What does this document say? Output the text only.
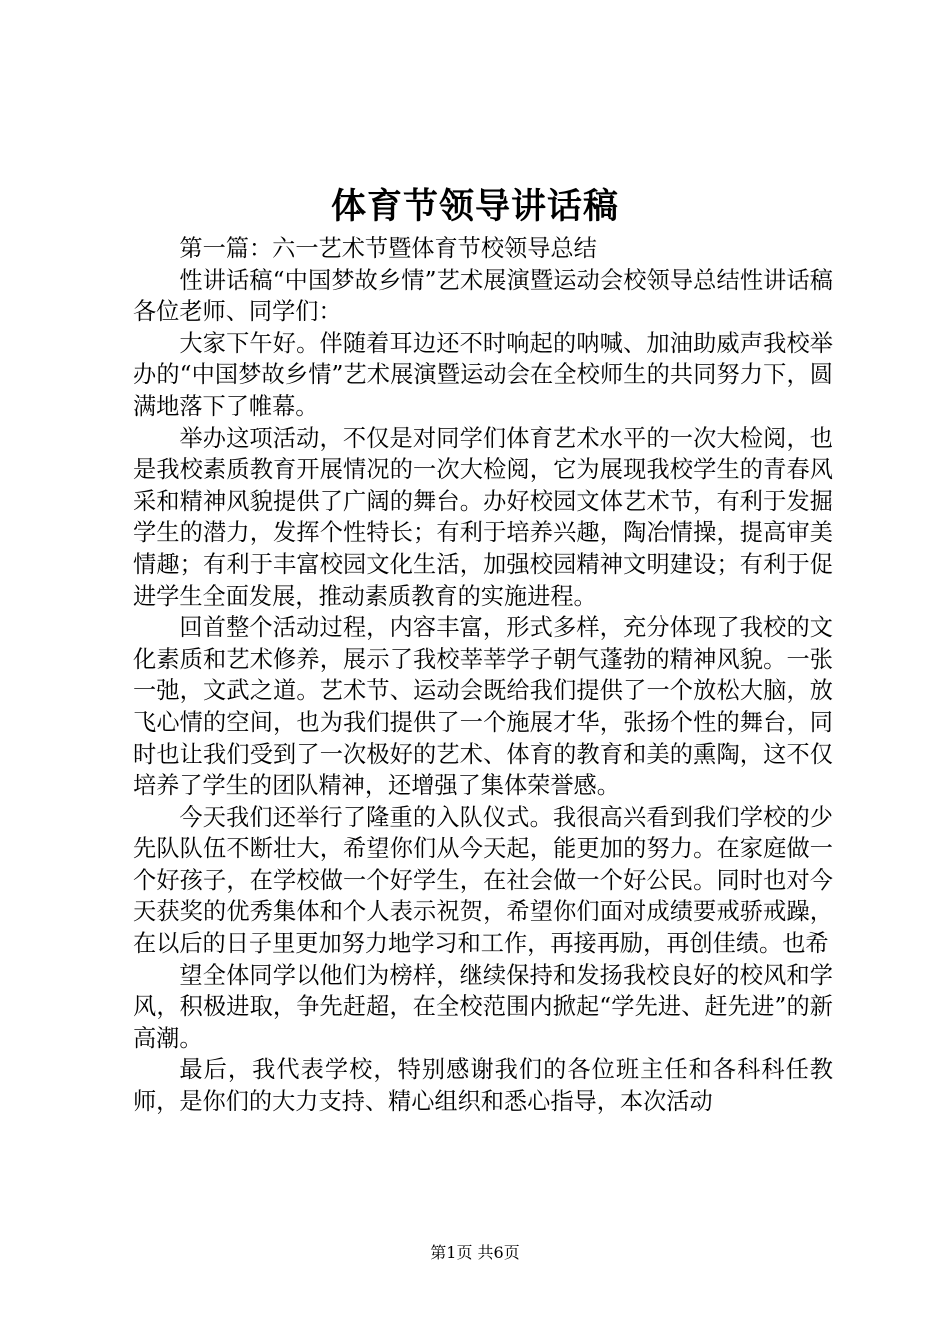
体育节领导讲话稿

第一篇：六一艺术节暨体育节校领导总结

性讲话稿“中国梦故乡情”艺术展演暨运动会校领导总结性讲话稿各位老师、同学们：

大家下午好。伴随着耳边还不时响起的呐喊、加油助威声我校举办的“中国梦故乡情”艺术展演暨运动会在全校师生的共同努力下，圆满地落下了帷幕。

举办这项活动，不仅是对同学们体育艺术水平的一次大检阅，也是我校素质教育开展情况的一次大检阅，它为展现我校学生的青春风采和精神风貌提供了广阔的舞台。办好校园文体艺术节，有利于发掘学生的潜力，发挥个性特长；有利于培养兴趣，陶冶情操，提高审美情趣；有利于丰富校园文化生活，加强校园精神文明建设；有利于促进学生全面发展，推动素质教育的实施进程。

回首整个活动过程，内容丰富，形式多样，充分体现了我校的文化素质和艺术修养，展示了我校莘莘学子朝气蓬勃的精神风貌。一张一弛，文武之道。艺术节、运动会既给我们提供了一个放松大脑，放飞心情的空间，也为我们提供了一个施展才华，张扬个性的舞台，同时也让我们受到了一次极好的艺术、体育的教育和美的熏陶，这不仅培养了学生的团队精神，还增强了集体荣誉感。

今天我们还举行了隆重的入队仪式。我很高兴看到我们学校的少先队队伍不断壮大，希望你们从今天起，能更加的努力。在家庭做一个好孩子，在学校做一个好学生，在社会做一个好公民。同时也对今天获奖的优秀集体和个人表示祝贺，希望你们面对成绩要戒骄戒躁，在以后的日子里更加努力地学习和工作，再接再励，再创佳绩。也希

望全体同学以他们为榜样，继续保持和发扬我校良好的校风和学风，积极进取，争先赶超，在全校范围内掀起“学先进、赶先进”的新高潮。

最后，我代表学校，特别感谢我们的各位班主任和各科科任教师，是你们的大力支持、精心组织和悉心指导，本次活动

第1页 共6页
